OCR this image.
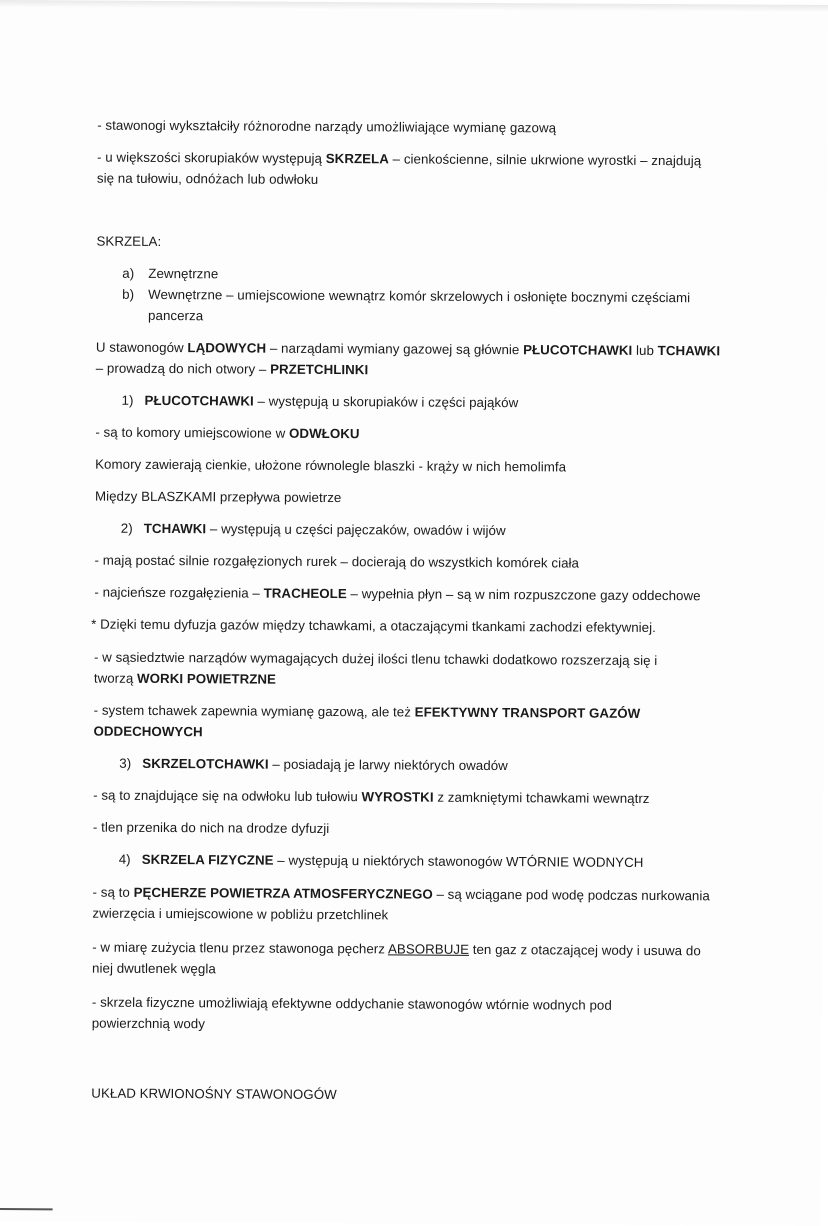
- stawonogi wykształciły różnorodne narządy umożliwiające wymianę gazową
- u większości skorupiaków występują SKRZELA – cienkościenne, silnie ukrwione wyrostki – znajdują
się na tułowiu, odnóżach lub odwłoku
SKRZELA:
a) Zewnętrzne
b) Wewnętrzne – umiejscowione wewnątrz komór skrzelowych i osłonięte bocznymi częściami
pancerza
U stawonogów LĄDOWYCH – narządami wymiany gazowej są głównie PŁUCOTCHAWKI lub TCHAWKI
– prowadzą do nich otwory – PRZETCHLINKI
1) PŁUCOTCHAWKI – występują u skorupiaków i części pająków
- są to komory umiejscowione w ODWŁOKU
Komory zawierają cienkie, ułożone równolegle blaszki - krąży w nich hemolimfa
Między BLASZKAMI przepływa powietrze
2) TCHAWKI – występują u części pajęczaków, owadów i wijów
- mają postać silnie rozgałęzionych rurek – docierają do wszystkich komórek ciała
- najcieńsze rozgałęzienia – TRACHEOLE – wypełnia płyn – są w nim rozpuszczone gazy oddechowe
* Dzięki temu dyfuzja gazów między tchawkami, a otaczającymi tkankami zachodzi efektywniej.
- w sąsiedztwie narządów wymagających dużej ilości tlenu tchawki dodatkowo rozszerzają się i
tworzą WORKI POWIETRZNE
- system tchawek zapewnia wymianę gazową, ale też EFEKTYWNY TRANSPORT GAZÓW
ODDECHOWYCH
3) SKRZELOTCHAWKI – posiadają je larwy niektórych owadów
- są to znajdujące się na odwłoku lub tułowiu WYROSTKI z zamkniętymi tchawkami wewnątrz
- tlen przenika do nich na drodze dyfuzji
4) SKRZELA FIZYCZNE – występują u niektórych stawonogów WTÓRNIE WODNYCH
- są to PĘCHERZE POWIETRZA ATMOSFERYCZNEGO – są wciągane pod wodę podczas nurkowania
zwierzęcia i umiejscowione w pobliżu przetchlinek
- w miarę zużycia tlenu przez stawonoga pęcherz ABSORBUJE ten gaz z otaczającej wody i usuwa do
niej dwutlenek węgla
- skrzela fizyczne umożliwiają efektywne oddychanie stawonogów wtórnie wodnych pod
powierzchnią wody
UKŁAD KRWIONOŚNY STAWONOGÓW
